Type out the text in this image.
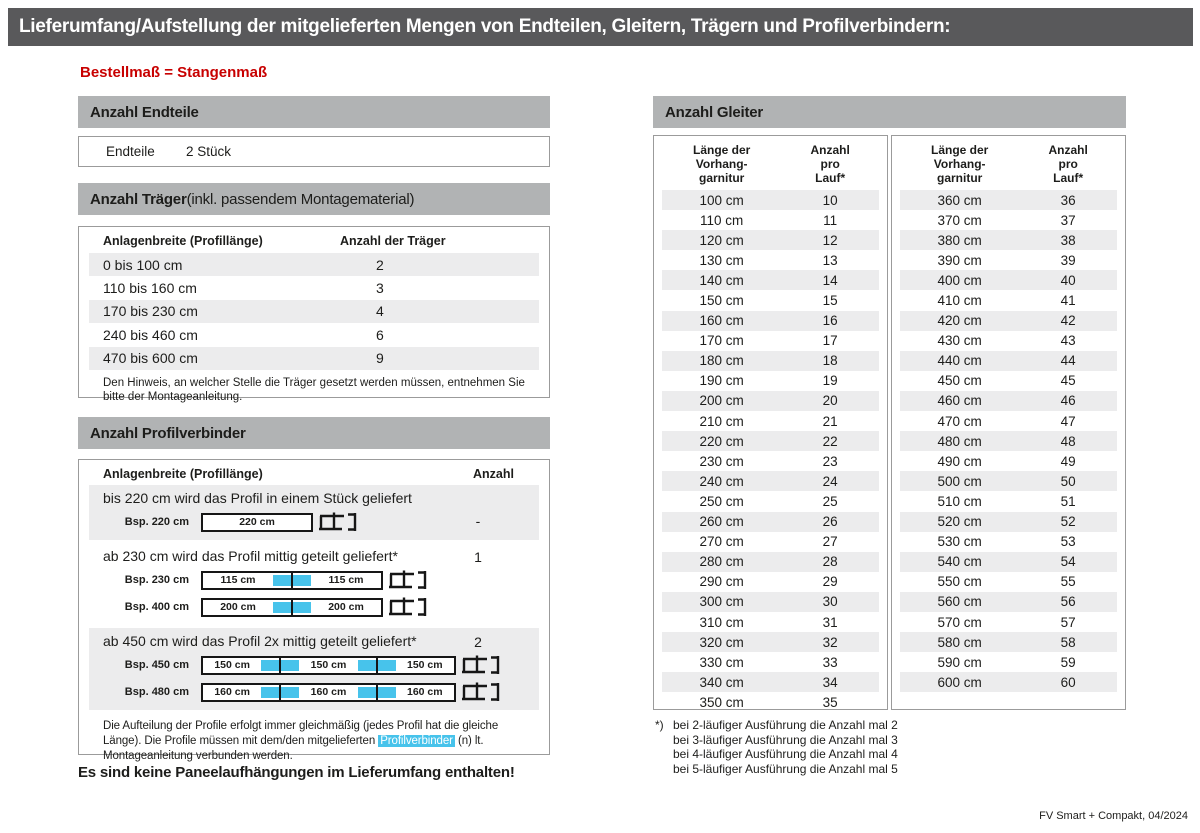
Lieferumfang/Aufstellung der mitgelieferten Mengen von Endteilen, Gleitern, Trägern und Profilverbindern:
Bestellmaß = Stangenmaß
Anzahl Endteile
Endteile	2 Stück
Anzahl Träger (inkl. passendem Montagematerial)
Anlagenbreite (Profillänge)	Anzahl der Träger
0 bis 100 cm	2
110 bis 160 cm	3
170 bis 230 cm	4
240 bis 460 cm	6
470 bis 600 cm	9
Den Hinweis, an welcher Stelle die Träger gesetzt werden müssen, entnehmen Sie bitte der Montageanleitung.
Anzahl Profilverbinder
Anlagenbreite (Profillänge)	Anzahl
bis 220 cm wird das Profil in einem Stück geliefert
-
Bsp. 220 cm	220 cm
ab 230 cm wird das Profil mittig geteilt geliefert*	1
Bsp. 230 cm	115 cm	115 cm
Bsp. 400 cm	200 cm	200 cm
ab 450 cm wird das Profil 2x mittig geteilt geliefert*	2
Bsp. 450 cm	150 cm	150 cm	150 cm
Bsp. 480 cm	160 cm	160 cm	160 cm
Die Aufteilung der Profile erfolgt immer gleichmäßig (jedes Profil hat die gleiche Länge). Die Profile müssen mit dem/den mitgelieferten Profilverbinder (n) lt. Montageanleitung verbunden werden.
Es sind keine Paneelaufhängungen im Lieferumfang enthalten!
Anzahl Gleiter
Länge der
Vorhang-
garnitur
Anzahl
pro
Lauf*
100 cm	10
110 cm	11
120 cm	12
130 cm	13
140 cm	14
150 cm	15
160 cm	16
170 cm	17
180 cm	18
190 cm	19
200 cm	20
210 cm	21
220 cm	22
230 cm	23
240 cm	24
250 cm	25
260 cm	26
270 cm	27
280 cm	28
290 cm	29
300 cm	30
310 cm	31
320 cm	32
330 cm	33
340 cm	34
350 cm	35
Länge der
Vorhang-
garnitur
Anzahl
pro
Lauf*
360 cm	36
370 cm	37
380 cm	38
390 cm	39
400 cm	40
410 cm	41
420 cm	42
430 cm	43
440 cm	44
450 cm	45
460 cm	46
470 cm	47
480 cm	48
490 cm	49
500 cm	50
510 cm	51
520 cm	52
530 cm	53
540 cm	54
550 cm	55
560 cm	56
570 cm	57
580 cm	58
590 cm	59
600 cm	60
*) bei 2-läufiger Ausführung die Anzahl mal 2
bei 3-läufiger Ausführung die Anzahl mal 3
bei 4-läufiger Ausführung die Anzahl mal 4
bei 5-läufiger Ausführung die Anzahl mal 5
FV Smart + Compakt, 04/2024
